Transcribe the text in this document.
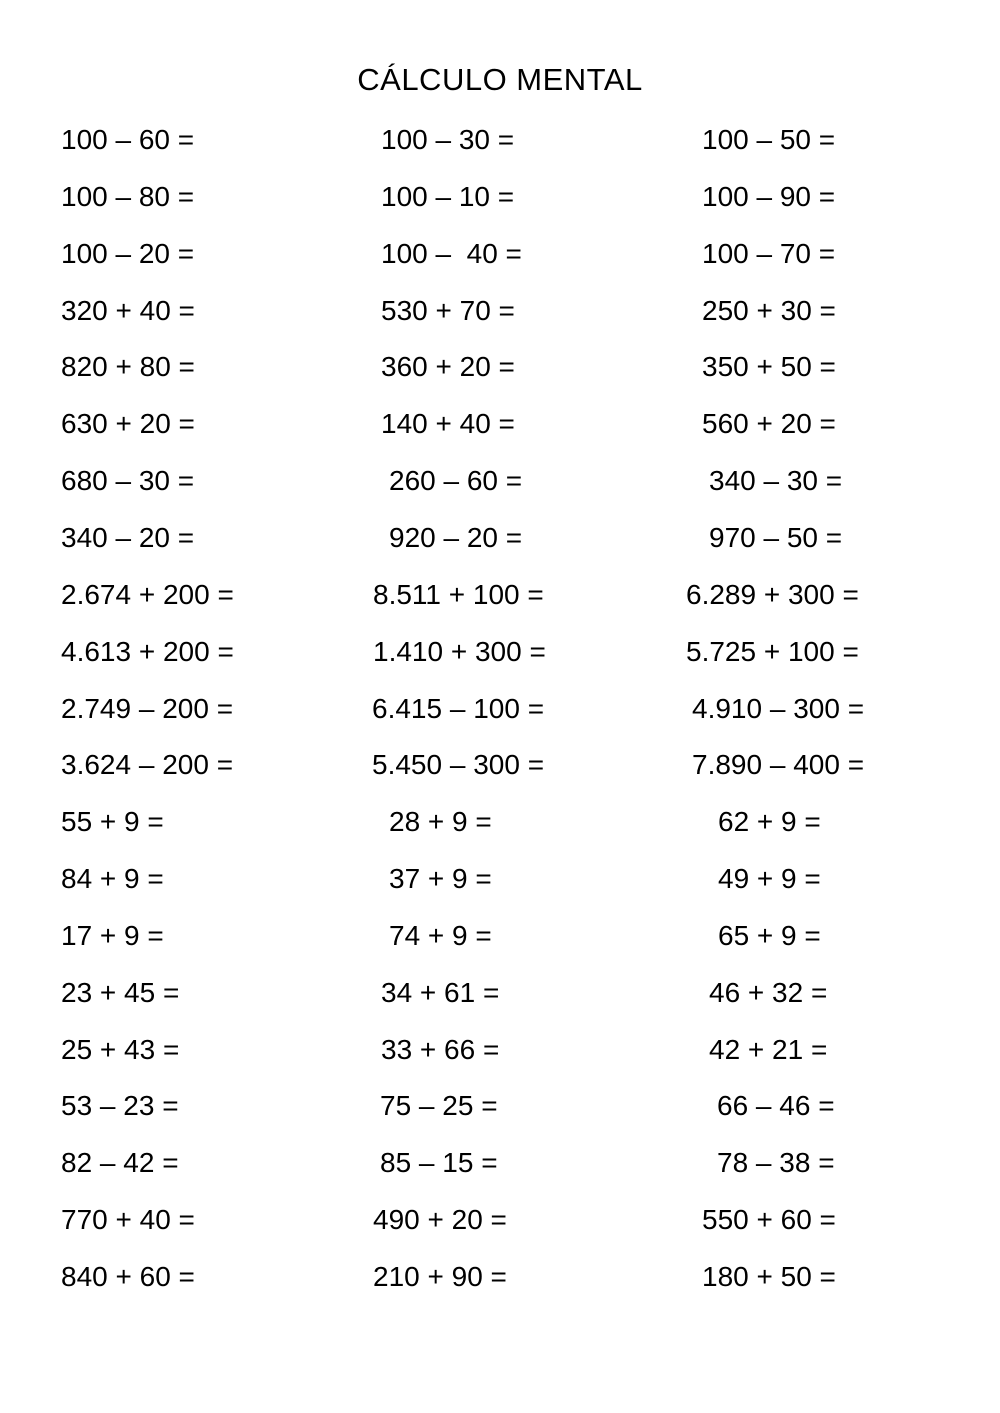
CÁLCULO MENTAL
100 – 60 =	100 – 30 =	100 – 50 =
100 – 80 =	100 – 10 =	100 – 90 =
100 – 20 =	100 –  40 =	100 – 70 =
320 + 40 =	530 + 70 =	250 + 30 =
820 + 80 =	360 + 20 =	350 + 50 =
630 + 20 =	140 + 40 =	560 + 20 =
680 – 30 =	260 – 60 =	340 – 30 =
340 – 20 =	920 – 20 =	970 – 50 =
2.674 + 200 =	8.511 + 100 =	6.289 + 300 =
4.613 + 200 =	1.410 + 300 =	5.725 + 100 =
2.749 – 200 =	6.415 – 100 =	4.910 – 300 =
3.624 – 200 =	5.450 – 300 =	7.890 – 400 =
55 + 9 =	28 + 9 =	62 + 9 =
84 + 9 =	37 + 9 =	49 + 9 =
17 + 9 =	74 + 9 =	65 + 9 =
23 + 45 =	34 + 61 =	46 + 32 =
25 + 43 =	33 + 66 =	42 + 21 =
53 – 23 =	75 – 25 =	66 – 46 =
82 – 42 =	85 – 15 =	78 – 38 =
770 + 40 =	490 + 20 =	550 + 60 =
840 + 60 =	210 + 90 =	180 + 50 =
